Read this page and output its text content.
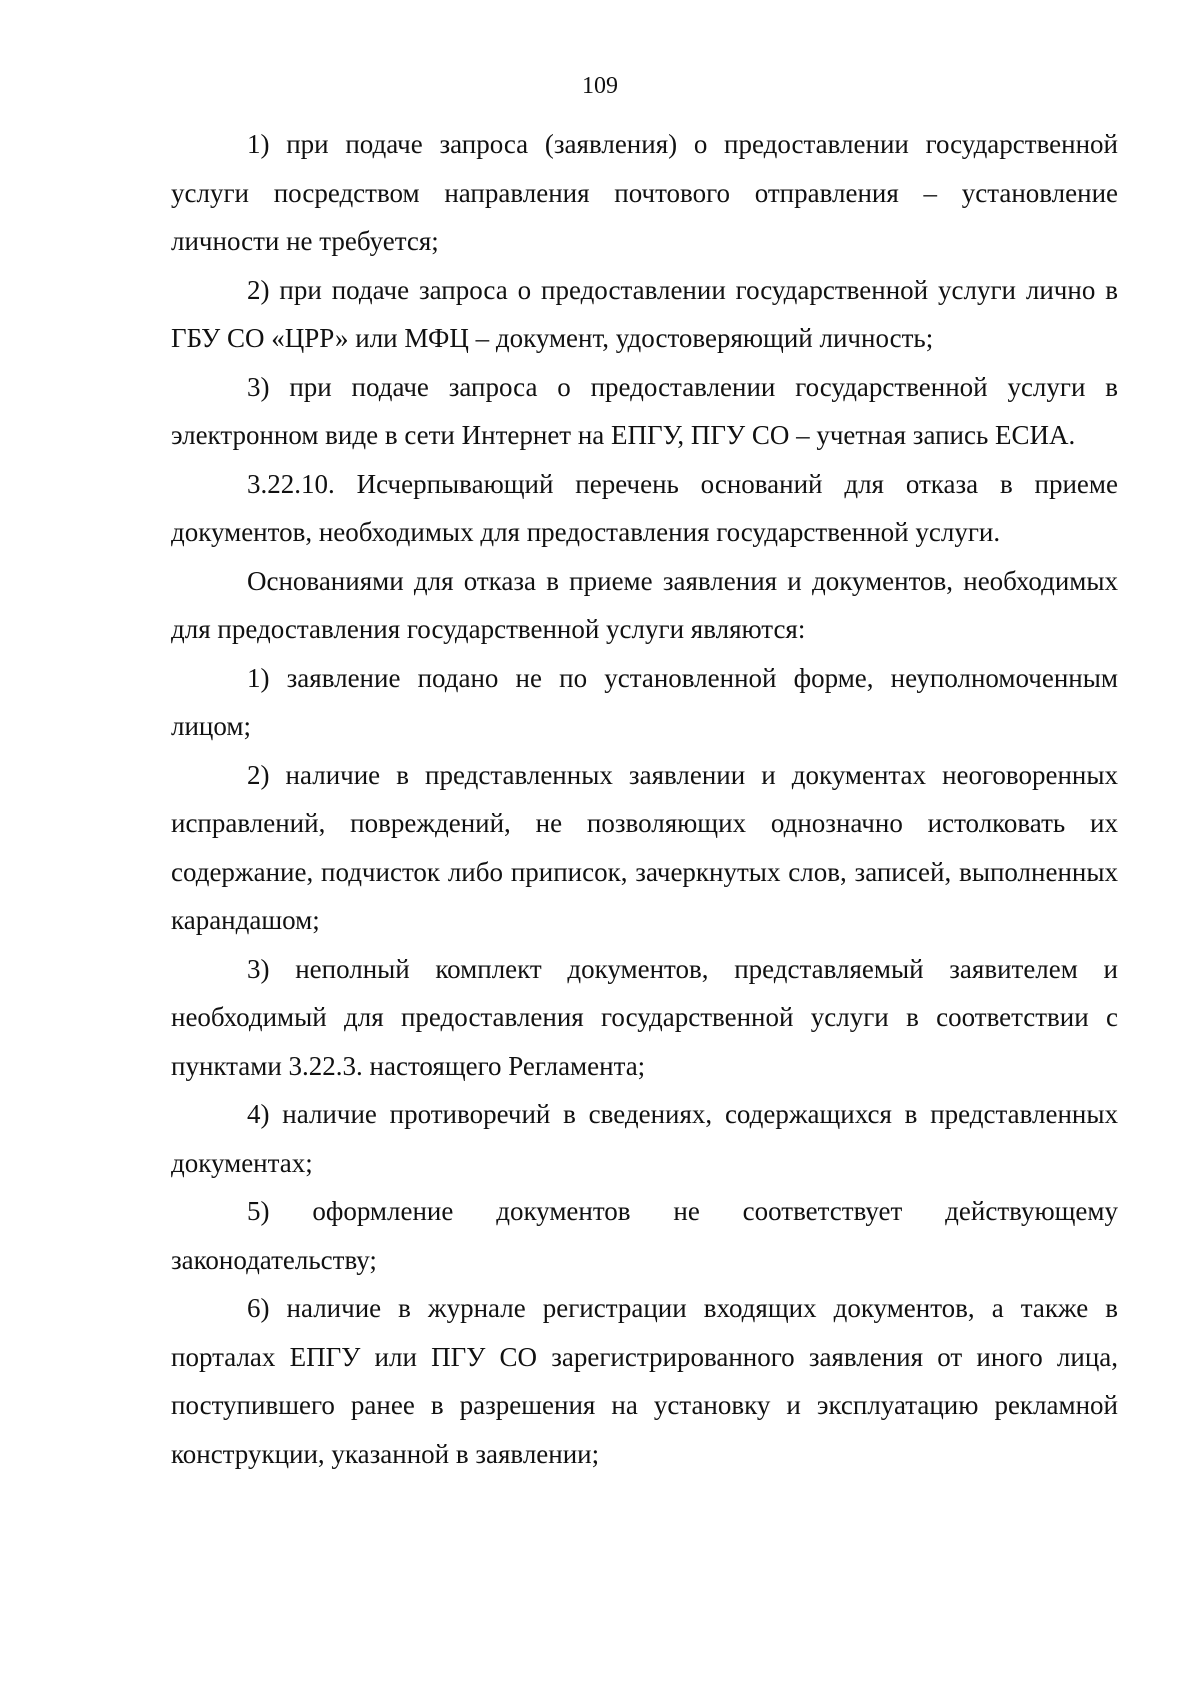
109

1) при подаче запроса (заявления) о предоставлении государственной услуги посредством направления почтового отправления – установление личности не требуется;

2) при подаче запроса о предоставлении государственной услуги лично в ГБУ СО «ЦРР» или МФЦ – документ, удостоверяющий личность;

3) при подаче запроса о предоставлении государственной услуги в электронном виде в сети Интернет на ЕПГУ, ПГУ СО – учетная запись ЕСИА.

3.22.10. Исчерпывающий перечень оснований для отказа в приеме документов, необходимых для предоставления государственной услуги.

Основаниями для отказа в приеме заявления и документов, необходимых для предоставления государственной услуги являются:

1) заявление подано не по установленной форме, неуполномоченным лицом;

2) наличие в представленных заявлении и документах неоговоренных исправлений, повреждений, не позволяющих однозначно истолковать их содержание, подчисток либо приписок, зачеркнутых слов, записей, выполненных карандашом;

3) неполный комплект документов, представляемый заявителем и необходимый для предоставления государственной услуги в соответствии с пунктами 3.22.3. настоящего Регламента;

4) наличие противоречий в сведениях, содержащихся в представленных документах;

5) оформление документов не соответствует действующему законодательству;

6) наличие в журнале регистрации входящих документов, а также в порталах ЕПГУ или ПГУ СО зарегистрированного заявления от иного лица, поступившего ранее в разрешения на установку и эксплуатацию рекламной конструкции, указанной в заявлении;
